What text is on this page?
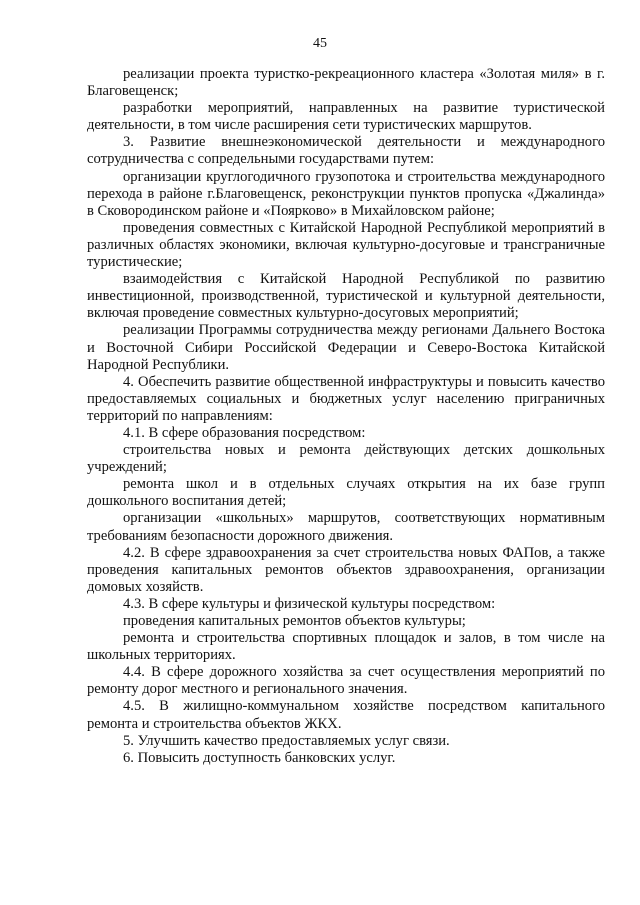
45

реализации проекта туристко-рекреационного кластера «Золотая миля» в г. Благовещенск;

разработки мероприятий, направленных на развитие туристической деятельности, в том числе расширения сети туристических маршрутов.

3. Развитие внешнеэкономической деятельности и международного сотрудничества с сопредельными государствами путем:

организации круглогодичного грузопотока и строительства международного перехода в районе г.Благовещенск, реконструкции пунктов пропуска «Джалинда» в Сковородинском районе и «Поярково» в Михайловском районе;

проведения совместных с Китайской Народной Республикой мероприятий в различных областях экономики, включая культурно-досуговые и трансграничные туристические;

взаимодействия с Китайской Народной Республикой по развитию инвестиционной, производственной, туристической и культурной деятельности, включая проведение совместных культурно-досуговых мероприятий;

реализации Программы сотрудничества между регионами Дальнего Востока и Восточной Сибири Российской Федерации и Северо-Востока Китайской Народной Республики.

4. Обеспечить развитие общественной инфраструктуры и повысить качество предоставляемых социальных и бюджетных услуг населению приграничных территорий по направлениям:

4.1. В сфере образования посредством:

строительства новых и ремонта действующих детских дошкольных учреждений;

ремонта школ и в отдельных случаях открытия на их базе групп дошкольного воспитания детей;

организации «школьных» маршрутов, соответствующих нормативным требованиям безопасности дорожного движения.

4.2. В сфере здравоохранения за счет строительства новых ФАПов, а также проведения капитальных ремонтов объектов здравоохранения, организации домовых хозяйств.

4.3. В сфере культуры и физической культуры посредством:

проведения капитальных ремонтов объектов культуры;

ремонта и строительства спортивных площадок и залов, в том числе на школьных территориях.

4.4. В сфере дорожного хозяйства за счет осуществления мероприятий по ремонту дорог местного и регионального значения.

4.5. В жилищно-коммунальном хозяйстве посредством капитального ремонта и строительства объектов ЖКХ.

5. Улучшить качество предоставляемых услуг связи.

6. Повысить доступность банковских услуг.
